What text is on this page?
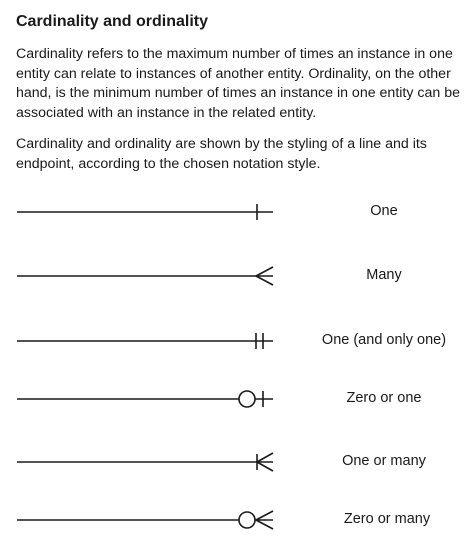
Cardinality and ordinality

Cardinality refers to the maximum number of times an instance in one entity can relate to instances of another entity. Ordinality, on the other hand, is the minimum number of times an instance in one entity can be associated with an instance in the related entity.

Cardinality and ordinality are shown by the styling of a line and its endpoint, according to the chosen notation style.

One
Many
One (and only one)
Zero or one
One or many
Zero or many
